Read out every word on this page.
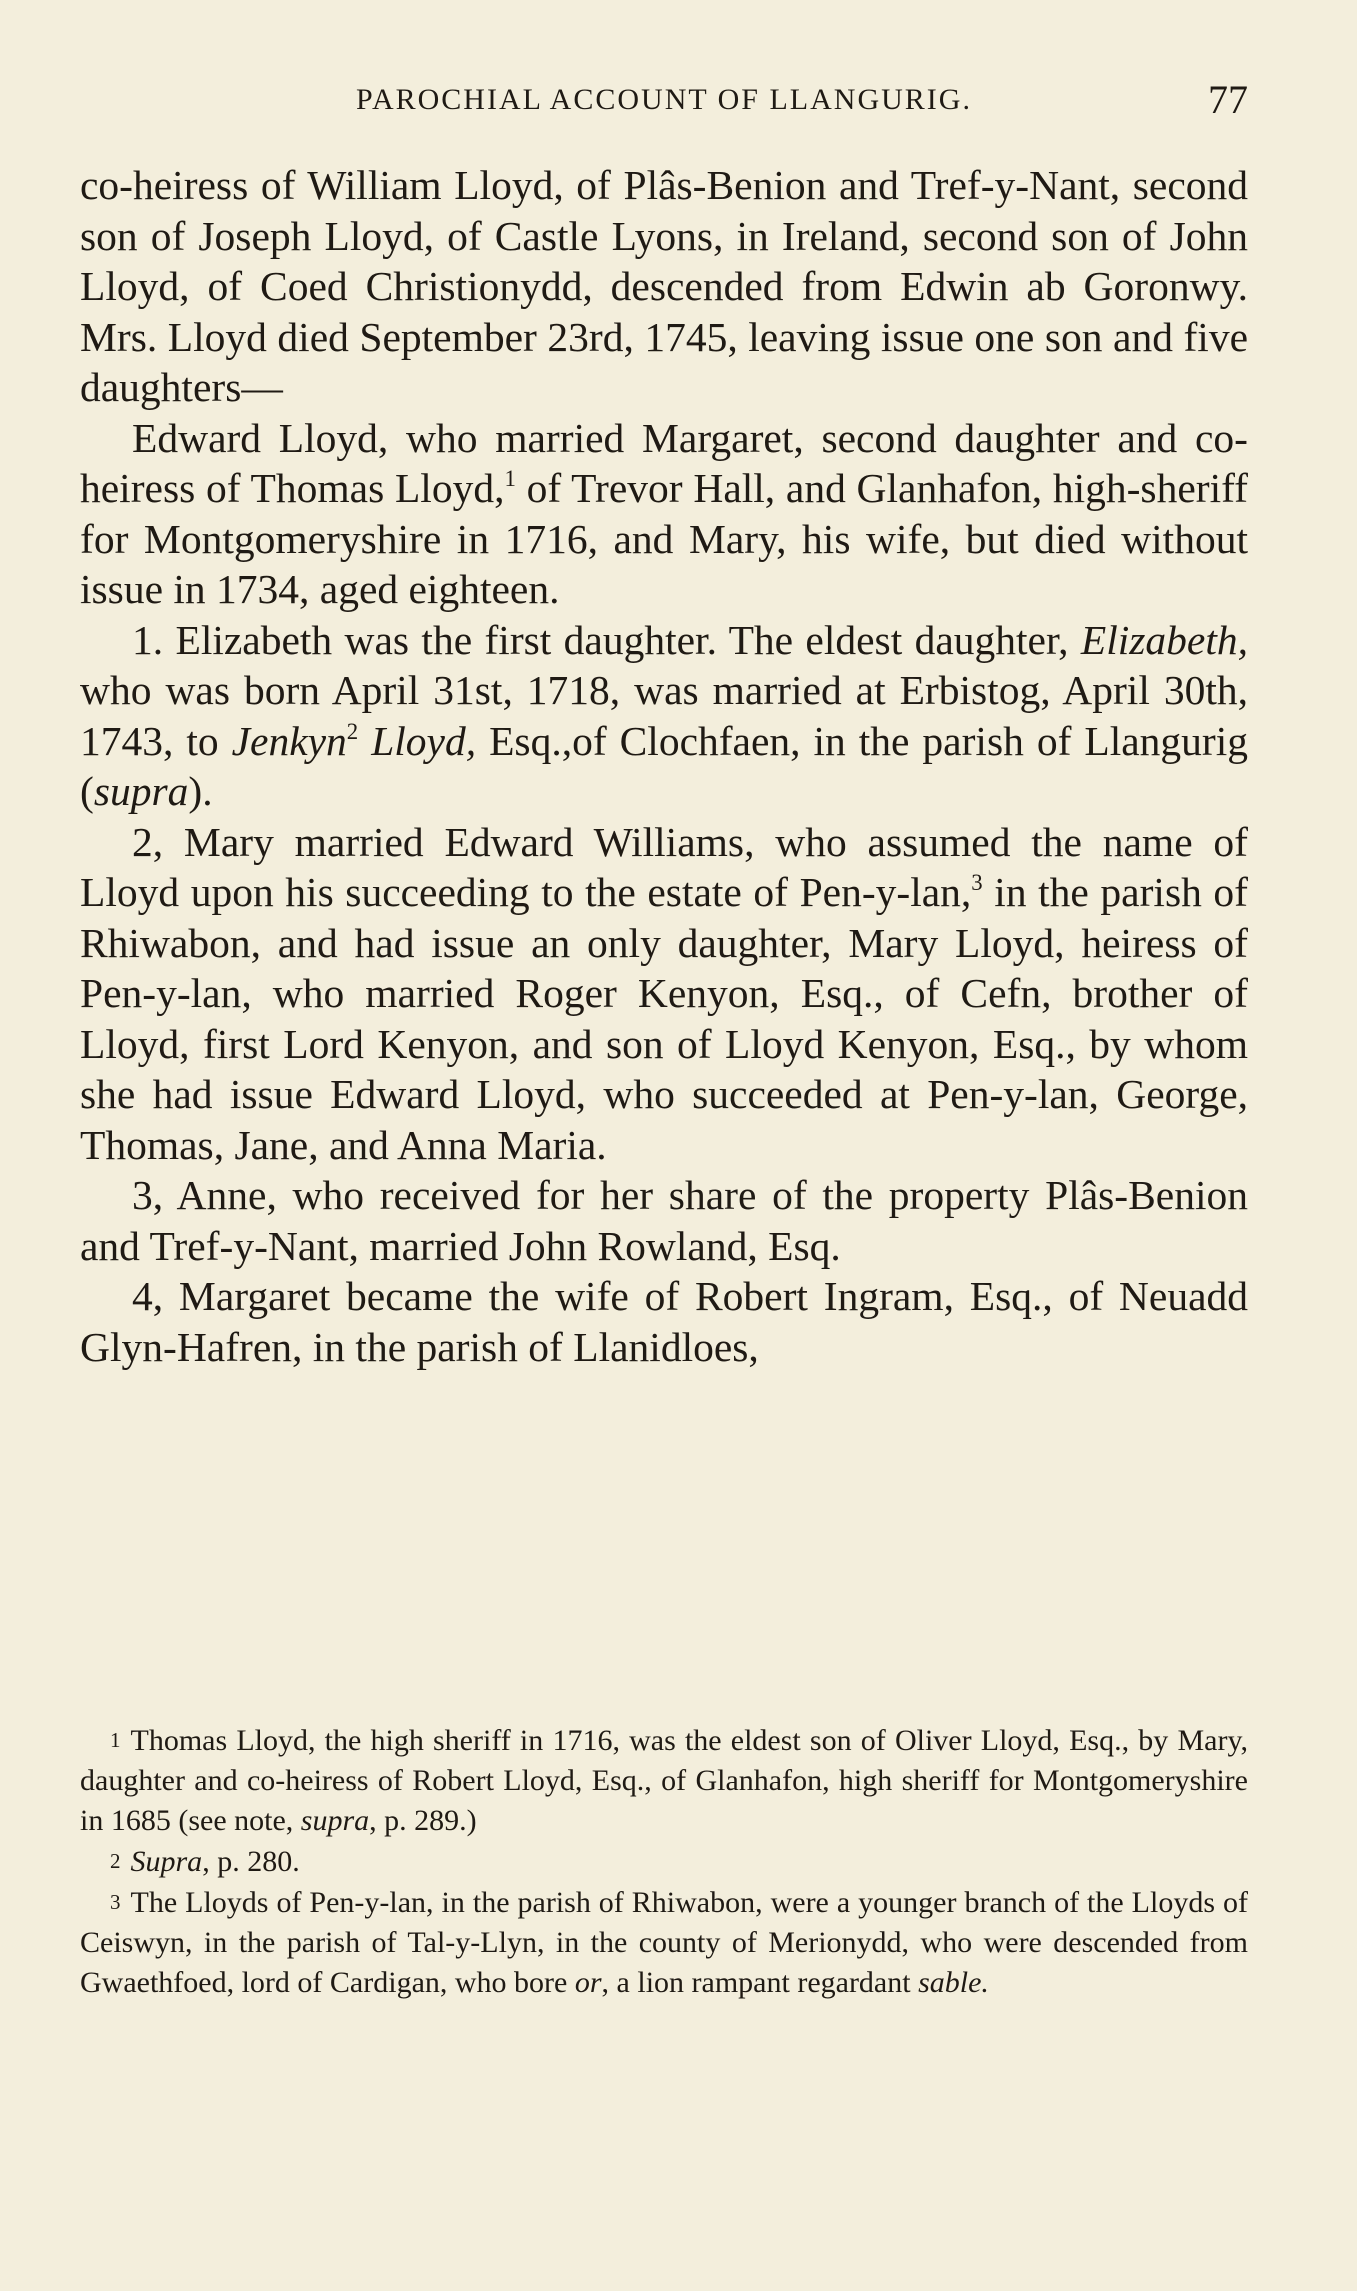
PAROCHIAL ACCOUNT OF LLANGURIG.	77

co-heiress of William Lloyd, of Plâs-Benion and Tref-y-Nant, second son of Joseph Lloyd, of Castle Lyons, in Ireland, second son of John Lloyd, of Coed Christionydd, descended from Edwin ab Goronwy. Mrs. Lloyd died September 23rd, 1745, leaving issue one son and five daughters—

Edward Lloyd, who married Margaret, second daughter and co-heiress of Thomas Lloyd,$^1$ of Trevor Hall, and Glanhafon, high-sheriff for Montgomeryshire in 1716, and Mary, his wife, but died without issue in 1734, aged eighteen.

1. Elizabeth was the first daughter. The eldest daughter, Elizabeth, who was born April 31st, 1718, was married at Erbistog, April 30th, 1743, to Jenkyn$^2$ Lloyd, Esq.,of Clochfaen, in the parish of Llangurig (supra).

2, Mary married Edward Williams, who assumed the name of Lloyd upon his succeeding to the estate of Pen-y-lan,$^3$ in the parish of Rhiwabon, and had issue an only daughter, Mary Lloyd, heiress of Pen-y-lan, who married Roger Kenyon, Esq., of Cefn, brother of Lloyd, first Lord Kenyon, and son of Lloyd Kenyon, Esq., by whom she had issue Edward Lloyd, who succeeded at Pen-y-lan, George, Thomas, Jane, and Anna Maria.

3, Anne, who received for her share of the property Plâs-Benion and Tref-y-Nant, married John Rowland, Esq.

4, Margaret became the wife of Robert Ingram, Esq., of Neuadd Glyn-Hafren, in the parish of Llanidloes,

1 Thomas Lloyd, the high sheriff in 1716, was the eldest son of Oliver Lloyd, Esq., by Mary, daughter and co-heiress of Robert Lloyd, Esq., of Glanhafon, high sheriff for Montgomeryshire in 1685 (see note, supra, p. 289.)

2 Supra, p. 280.

3 The Lloyds of Pen-y-lan, in the parish of Rhiwabon, were a younger branch of the Lloyds of Ceiswyn, in the parish of Tal-y-Llyn, in the county of Merionydd, who were descended from Gwaethfoed, lord of Cardigan, who bore or, a lion rampant regardant sable.
